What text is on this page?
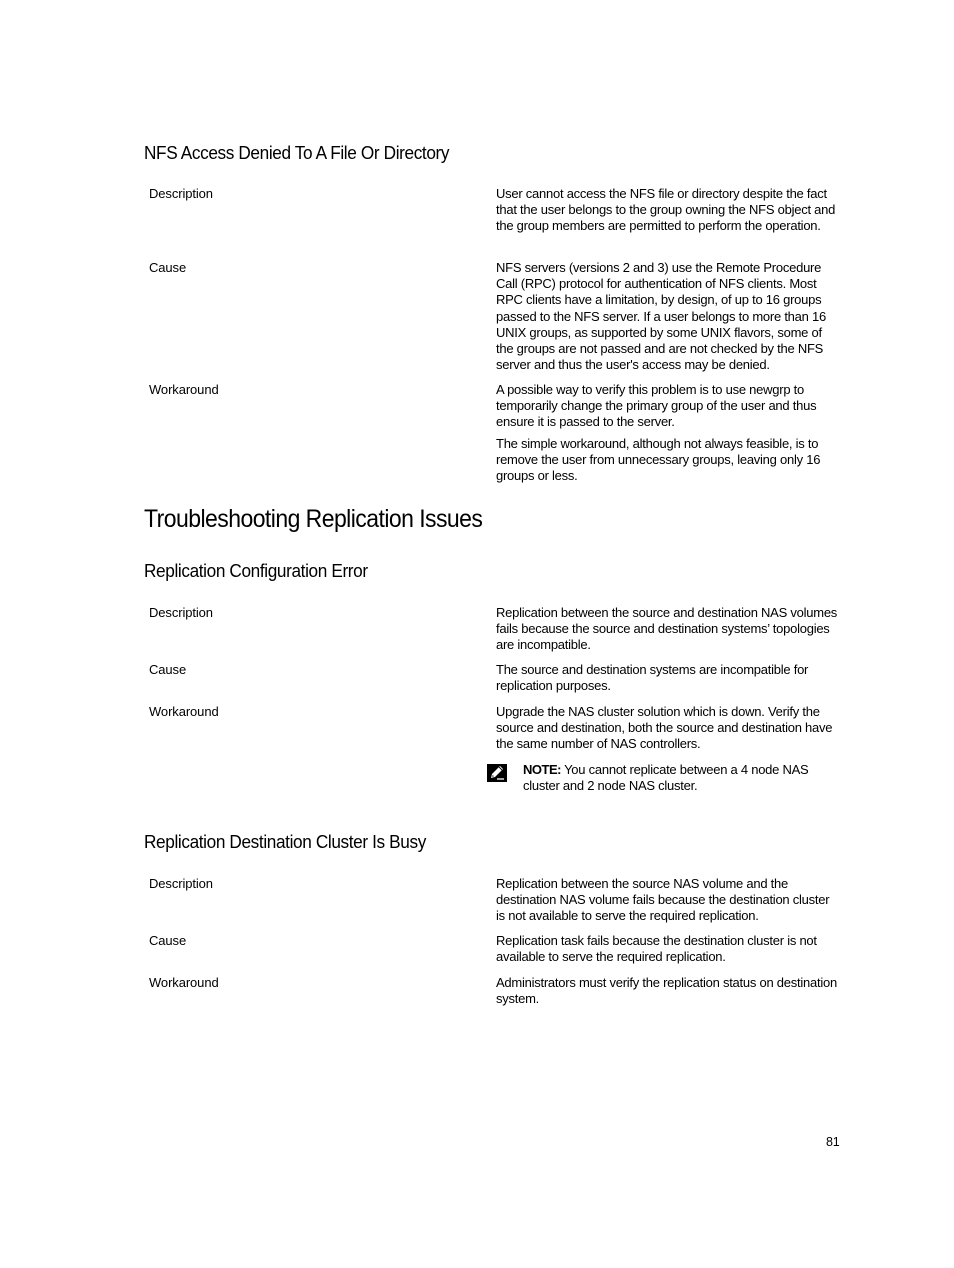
NFS Access Denied To A File Or Directory
Description	User cannot access the NFS file or directory despite the fact that the user belongs to the group owning the NFS object and the group members are permitted to perform the operation.

Cause	NFS servers (versions 2 and 3) use the Remote Procedure Call (RPC) protocol for authentication of NFS clients. Most RPC clients have a limitation, by design, of up to 16 groups passed to the NFS server. If a user belongs to more than 16 UNIX groups, as supported by some UNIX flavors, some of the groups are not passed and are not checked by the NFS server and thus the user's access may be denied.

Workaround	A possible way to verify this problem is to use newgrp to temporarily change the primary group of the user and thus ensure it is passed to the server.

The simple workaround, although not always feasible, is to remove the user from unnecessary groups, leaving only 16 groups or less.

Troubleshooting Replication Issues
Replication Configuration Error
Description	Replication between the source and destination NAS volumes fails because the source and destination systems’ topologies are incompatible.

Cause	The source and destination systems are incompatible for replication purposes.

Workaround	Upgrade the NAS cluster solution which is down. Verify the source and destination, both the source and destination have the same number of NAS controllers.

NOTE: You cannot replicate between a 4 node NAS cluster and 2 node NAS cluster.
Replication Destination Cluster Is Busy
Description	Replication between the source NAS volume and the destination NAS volume fails because the destination cluster is not available to serve the required replication.

Cause	Replication task fails because the destination cluster is not available to serve the required replication.

Workaround	Administrators must verify the replication status on destination system.

81
